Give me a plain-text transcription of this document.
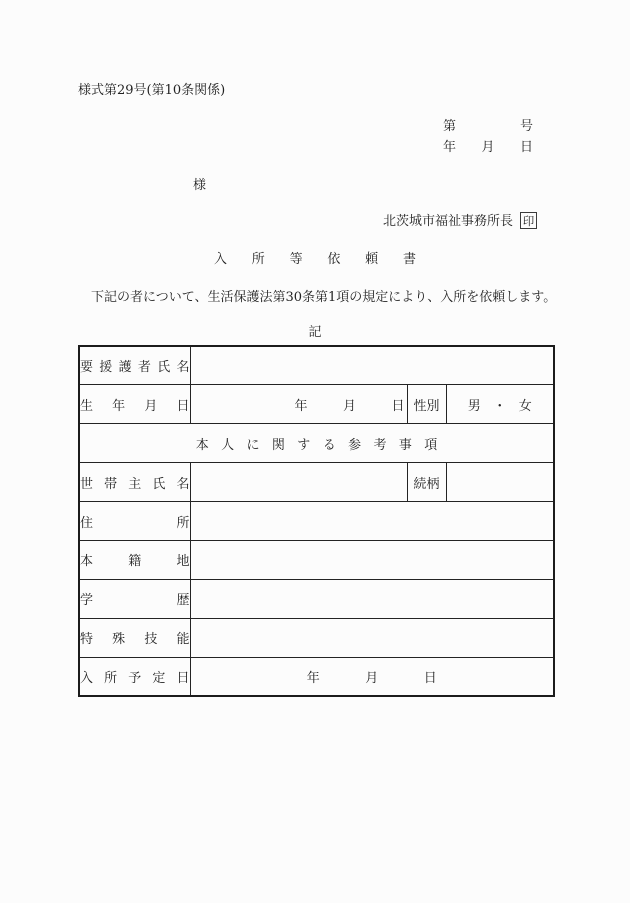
様式第29号(第10条関係)
第	号
年 月 日
様
北茨城市福祉事務所長 印
入所等依頼書
下記の者について、生活保護法第30条第1項の規定により、入所を依頼します。
記
要 援 護 者 氏 名

生 年 月 日	年 月 日	性別	男 ・ 女

本人に関する参考事項			

世 帯 主 氏 名		続柄	

住 所			

本 籍 地			

学 歴			

特 殊 技 能			

入 所 予 定 日	年 月 日		
